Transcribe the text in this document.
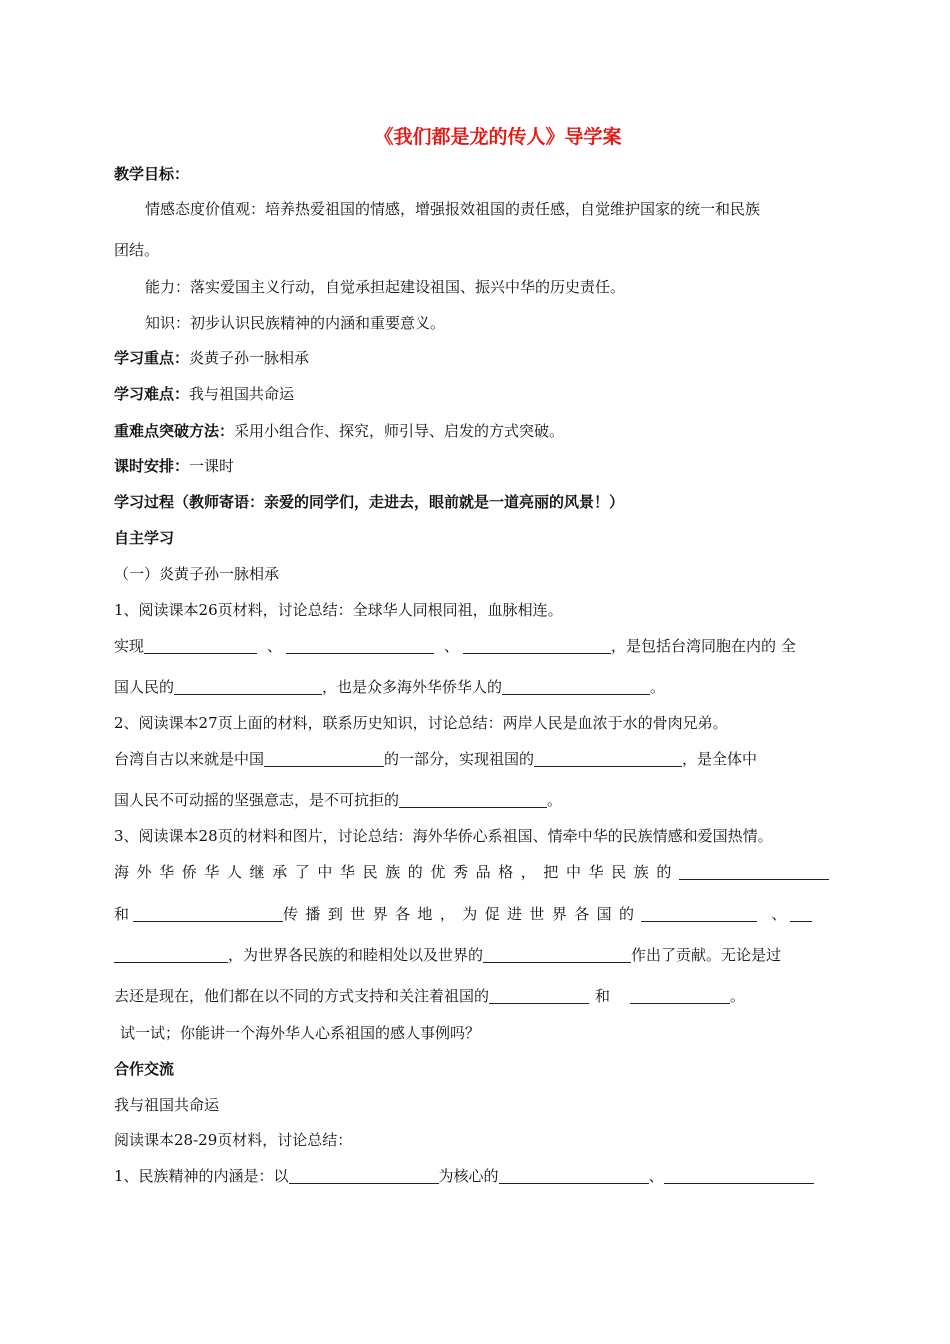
《我们都是龙的传人》导学案
教学目标：
情感态度价值观：培养热爱祖国的情感，增强报效祖国的责任感，自觉维护国家的统一和民族
团结。
能力：落实爱国主义行动，自觉承担起建设祖国、振兴中华的历史责任。
知识：初步认识民族精神的内涵和重要意义。
学习重点：炎黄子孙一脉相承
学习难点：我与祖国共命运
重难点突破方法：采用小组合作、探究，师引导、启发的方式突破。
课时安排：一课时
学习过程（教师寄语：亲爱的同学们，走进去，眼前就是一道亮丽的风景！）
自主学习
（一）炎黄子孙一脉相承
1、阅读课本26页材料，讨论总结：全球华人同根同祖，血脉相连。
实现	、	、	，是包括台湾同胞在内的 全
国人民的	，也是众多海外华侨华人的	。
2、阅读课本27页上面的材料，联系历史知识，讨论总结：两岸人民是血浓于水的骨肉兄弟。
台湾自古以来就是中国	的一部分，实现祖国的	，是全体中
国人民不可动摇的坚强意志，是不可抗拒的	。
3、阅读课本28页的材料和图片，讨论总结：海外华侨心系祖国、情牵中华的民族情感和爱国热情。
海外华侨华人继承了中华民族的优秀品格，把中华民族的
和	传播到世界各地，为促进世界各国的	、
，为世界各民族的和睦相处以及世界的	作出了贡献。无论是过
去还是现在，他们都在以不同的方式支持和关注着祖国的	和	。
试一试；你能讲一个海外华人心系祖国的感人事例吗？
合作交流
我与祖国共命运
阅读课本28-29页材料，讨论总结：
1、民族精神的内涵是：以	为核心的	、
